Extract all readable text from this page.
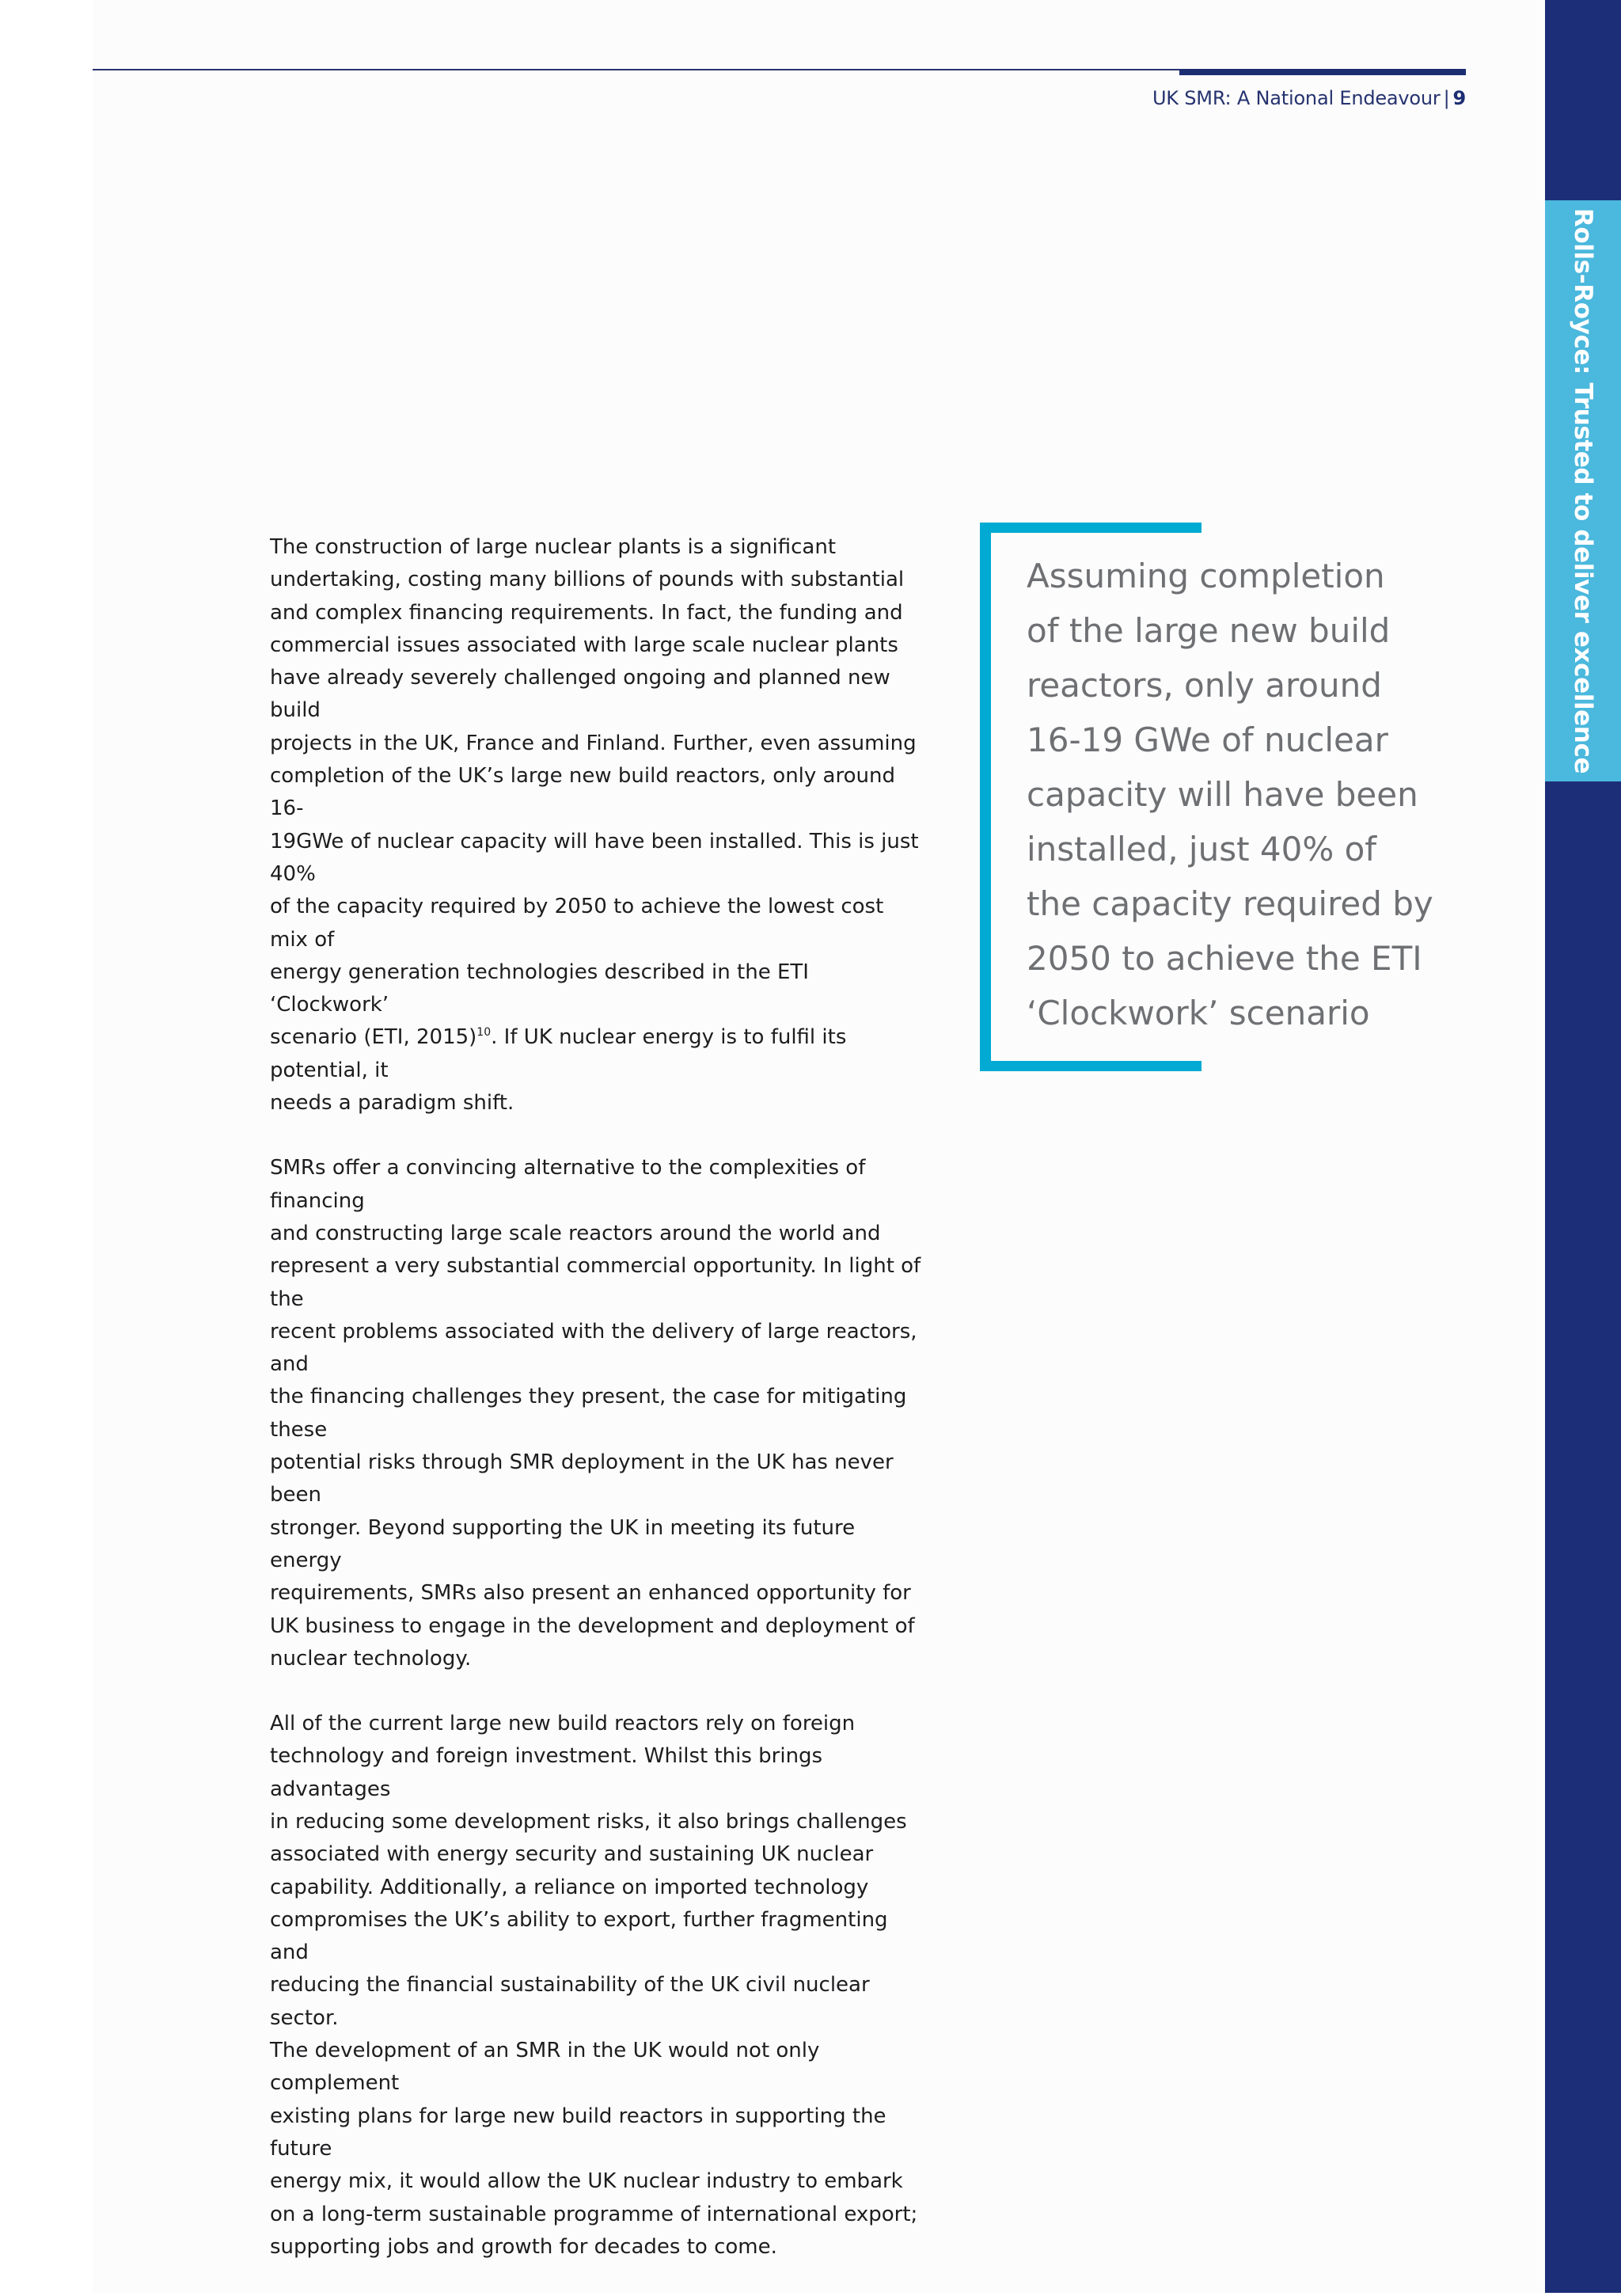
UK SMR: A National Endeavour | 9
Rolls-Royce: Trusted to deliver excellence

The construction of large nuclear plants is a significant
undertaking, costing many billions of pounds with substantial
and complex financing requirements. In fact, the funding and
commercial issues associated with large scale nuclear plants
have already severely challenged ongoing and planned new build
projects in the UK, France and Finland. Further, even assuming
completion of the UK’s large new build reactors, only around 16-
19GWe of nuclear capacity will have been installed. This is just 40%
of the capacity required by 2050 to achieve the lowest cost mix of
energy generation technologies described in the ETI ‘Clockwork’
scenario (ETI, 2015)$^{10}$. If UK nuclear energy is to fulfil its potential, it
needs a paradigm shift.

SMRs offer a convincing alternative to the complexities of financing
and constructing large scale reactors around the world and
represent a very substantial commercial opportunity. In light of the
recent problems associated with the delivery of large reactors, and
the financing challenges they present, the case for mitigating these
potential risks through SMR deployment in the UK has never been
stronger. Beyond supporting the UK in meeting its future energy
requirements, SMRs also present an enhanced opportunity for
UK business to engage in the development and deployment of
nuclear technology.

All of the current large new build reactors rely on foreign
technology and foreign investment. Whilst this brings advantages
in reducing some development risks, it also brings challenges
associated with energy security and sustaining UK nuclear
capability. Additionally, a reliance on imported technology
compromises the UK’s ability to export, further fragmenting and
reducing the financial sustainability of the UK civil nuclear sector.
The development of an SMR in the UK would not only complement
existing plans for large new build reactors in supporting the future
energy mix, it would allow the UK nuclear industry to embark
on a long-term sustainable programme of international export;
supporting jobs and growth for decades to come.

Assuming completion
of the large new build
reactors, only around
16-19 GWe of nuclear
capacity will have been
installed, just 40% of
the capacity required by
2050 to achieve the ETI
‘Clockwork’ scenario
